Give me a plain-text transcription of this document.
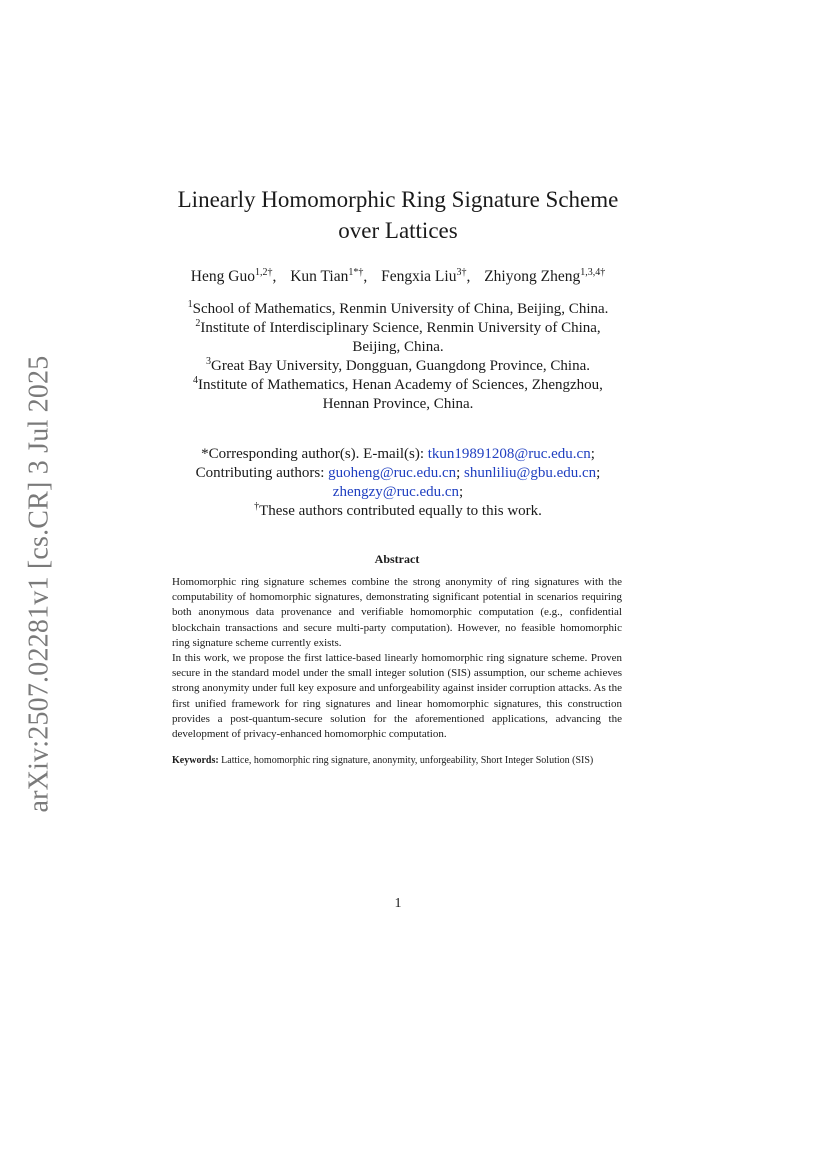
arXiv:2507.02281v1 [cs.CR] 3 Jul 2025
Linearly Homomorphic Ring Signature Scheme
over Lattices
Heng Guo$^{1,2\dagger}$, Kun Tian$^{1*\dagger}$, Fengxia Liu$^{3\dagger}$, Zhiyong Zheng$^{1,3,4\dagger}$

$^1$School of Mathematics, Renmin University of China, Beijing, China.

$^2$Institute of Interdisciplinary Science, Renmin University of China,

Beijing, China.

$^3$Great Bay University, Dongguan, Guangdong Province, China.

$^4$Institute of Mathematics, Henan Academy of Sciences, Zhengzhou,

Hennan Province, China.

*Corresponding author(s). E-mail(s): tkun19891208@ruc.edu.cn;

Contributing authors: guoheng@ruc.edu.cn; shunliliu@gbu.edu.cn;

zhengzy@ruc.edu.cn;

†These authors contributed equally to this work.

Abstract

Homomorphic ring signature schemes combine the strong anonymity of ring signatures with the computability of homomorphic signatures, demonstrating significant potential in scenarios requiring both anonymous data provenance and verifiable homomorphic computation (e.g., confidential blockchain transactions and secure multi-party computation). However, no feasible homomorphic ring signature scheme currently exists.

In this work, we propose the first lattice-based linearly homomorphic ring signature scheme. Proven secure in the standard model under the small integer solution (SIS) assumption, our scheme achieves strong anonymity under full key exposure and unforgeability against insider corruption attacks. As the first unified framework for ring signatures and linear homomorphic signatures, this construction provides a post-quantum-secure solution for the aforementioned applications, advancing the development of privacy-enhanced homomorphic computation.

Keywords: Lattice, homomorphic ring signature, anonymity, unforgeability, Short Integer Solution (SIS)

1
